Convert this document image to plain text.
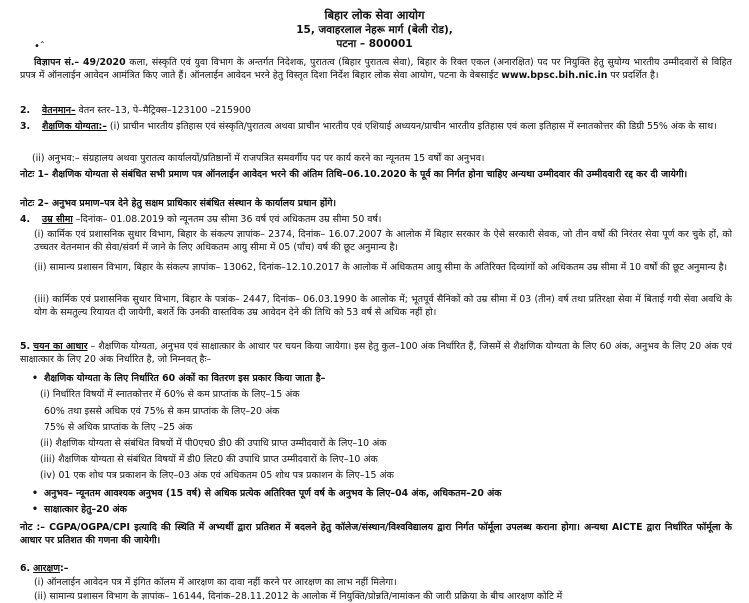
•ˆ
बिहार लोक सेवा आयोग
15, जवाहरलाल नेहरू मार्ग (बेली रोड),
पटना – 800001
विज्ञापन सं.– 49/2020 कला, संस्कृति एवं युवा विभाग के अन्तर्गत निदेशक, पुरातत्व (बिहार पुरातत्व सेवा), बिहार के रिक्त एकल (अनारक्षित) पद पर नियुक्ति हेतु सुयोग्य भारतीय उम्मीदवारों से विहित प्रपत्र में ऑनलाईन आवेदन आमंत्रित किए जाते हैं। ऑनलाईन आवेदन भरने हेतु विस्तृत दिशा निर्देश बिहार लोक सेवा आयोग, पटना के वेबसाईट www.bpsc.bih.nic.in पर प्रदर्शित है।
2. वेतनमान– वेतन स्तर–13, पे–मैट्रिक्स–123100 –215900
3. शैक्षणिक योग्यता:– (i) प्राचीन भारतीय इतिहास एवं संस्कृति/पुरातत्व अथवा प्राचीन भारतीय एवं एशियाई अध्ययन/प्राचीन भारतीय इतिहास एवं कला इतिहास में स्नातकोत्तर की डिग्री 55% अंक के साथ।
(ii) अनुभव:– संग्रहालय अथवा पुरातत्व कार्यालयों/प्रतिष्ठानों में राजपत्रित समवर्गीय पद पर कार्य करने का न्यूनतम 15 वर्षों का अनुभव।
नोटः 1– शैक्षणिक योग्यता से संबंधित सभी प्रमाण पत्र ऑनलाईन आवेदन भरने की अंतिम तिथि–06.10.2020 के पूर्व का निर्गत होना चाहिए अन्यथा उम्मीदवार की उम्मीदवारी रद्द कर दी जायेगी।
नोटः 2– अनुभव प्रमाण–पत्र देने हेतु सक्षम प्राधिकार संबंधित संस्थान के कार्यालय प्रधान होंगे।
4. उम्र सीमा –दिनांक– 01.08.2019 को न्यूनतम उम्र सीमा 36 वर्ष एवं अधिकतम उम्र सीमा 50 वर्ष।
(i) कार्मिक एवं प्रशासनिक सुधार विभाग, बिहार के संकल्प ज्ञापांक– 2374, दिनांक– 16.07.2007 के आलोक में बिहार सरकार के ऐसे सरकारी सेवक, जो तीन वर्षों की निरंतर सेवा पूर्ण कर चुके हों, को उच्चतर वेतनमान की सेवा/संवर्ग में जाने के लिए अधिकतम आयु सीमा में 05 (पाँच) वर्ष की छूट अनुमान्य है।
(ii) सामान्य प्रशासन विभाग, बिहार के संकल्प ज्ञापांक– 13062, दिनांक–12.10.2017 के आलोक में अधिकतम आयु सीमा के अतिरिक्त दिव्यांगों को अधिकतम उम्र सीमा में 10 वर्षों की छूट अनुमान्य है।
(iii) कार्मिक एवं प्रशासनिक सुधार विभाग, बिहार के पत्रांक– 2447, दिनांक– 06.03.1990 के आलोक में; भूतपूर्व सैनिकों को उम्र सीमा में 03 (तीन) वर्ष तथा प्रतिरक्षा सेवा में बिताई गयी सेवा अवधि के योग के समतुल्य रियायत दी जायेगी, बशर्ते कि उनकी वास्तविक उम्र आवेदन देने की तिथि को 53 वर्ष से अधिक नहीं हो।
5. चयन का आधार – शैक्षणिक योग्यता, अनुभव एवं साक्षात्कार के आधार पर चयन किया जायेगा। इस हेतु कुल–100 अंक निर्धारित हैं, जिसमें से शैक्षणिक योग्यता के लिए 60 अंक, अनुभव के लिए 20 अंक एवं साक्षात्कार के लिए 20 अंक निर्धारित है, जो निम्नवत् हैः–
• शैक्षणिक योग्यता के लिए निर्धारित 60 अंकों का वितरण इस प्रकार किया जाता है–
(i) निर्धारित विषयों में स्नातकोत्तर में 60% से कम प्राप्तांक के लिए–15 अंक
60% तथा इससे अधिक एवं 75% से कम प्राप्तांक के लिए–20 अंक
75% से अधिक प्राप्तांक के लिए –25 अंक
(ii) शैक्षणिक योग्यता से संबंधित विषयों में पी0एच0 डी0 की उपाधि प्राप्त उम्मीदवारों के लिए–10 अंक
(iii) शैक्षणिक योग्यता से संबंधित विषयों में डी0 लिट0 की उपाधि प्राप्त उम्मीदवारों के लिए–10 अंक
(iv) 01 एक शोध पत्र प्रकाशन के लिए–03 अंक एवं अधिकतम 05 शोध पत्र प्रकाशन के लिए–15 अंक
• अनुभव– न्यूनतम आवश्यक अनुभव (15 वर्ष) से अधिक प्रत्येक अतिरिक्त पूर्ण वर्ष के अनुभव के लिए–04 अंक, अधिकतम–20 अंक
• साक्षात्कार हेतु–20 अंक
नोट :– CGPA/OGPA/CPI इत्यादि की स्थिति में अभ्यर्थी द्वारा प्रतिशत में बदलने हेतु कॉलेज/संस्थान/विश्वविद्यालय द्वारा निर्गत फॉर्मूला उपलब्ध कराना होगा। अन्यथा AICTE द्वारा निर्धारित फॉर्मूला के आधार पर प्रतिशत की गणना की जायेगी।
6. आरक्षण:–
(i) ऑनलाईन आवेदन पत्र में इंगित कॉलम में आरक्षण का दावा नहीं करने पर आरक्षण का लाभ नहीं मिलेगा।
(ii) सामान्य प्रशासन विभाग के ज्ञापांक– 16144, दिनांक–28.11.2012 के आलोक में नियुक्ति/प्रोन्नति/नामांकन की जारी प्रक्रिया के बीच आरक्षण कोटि में
